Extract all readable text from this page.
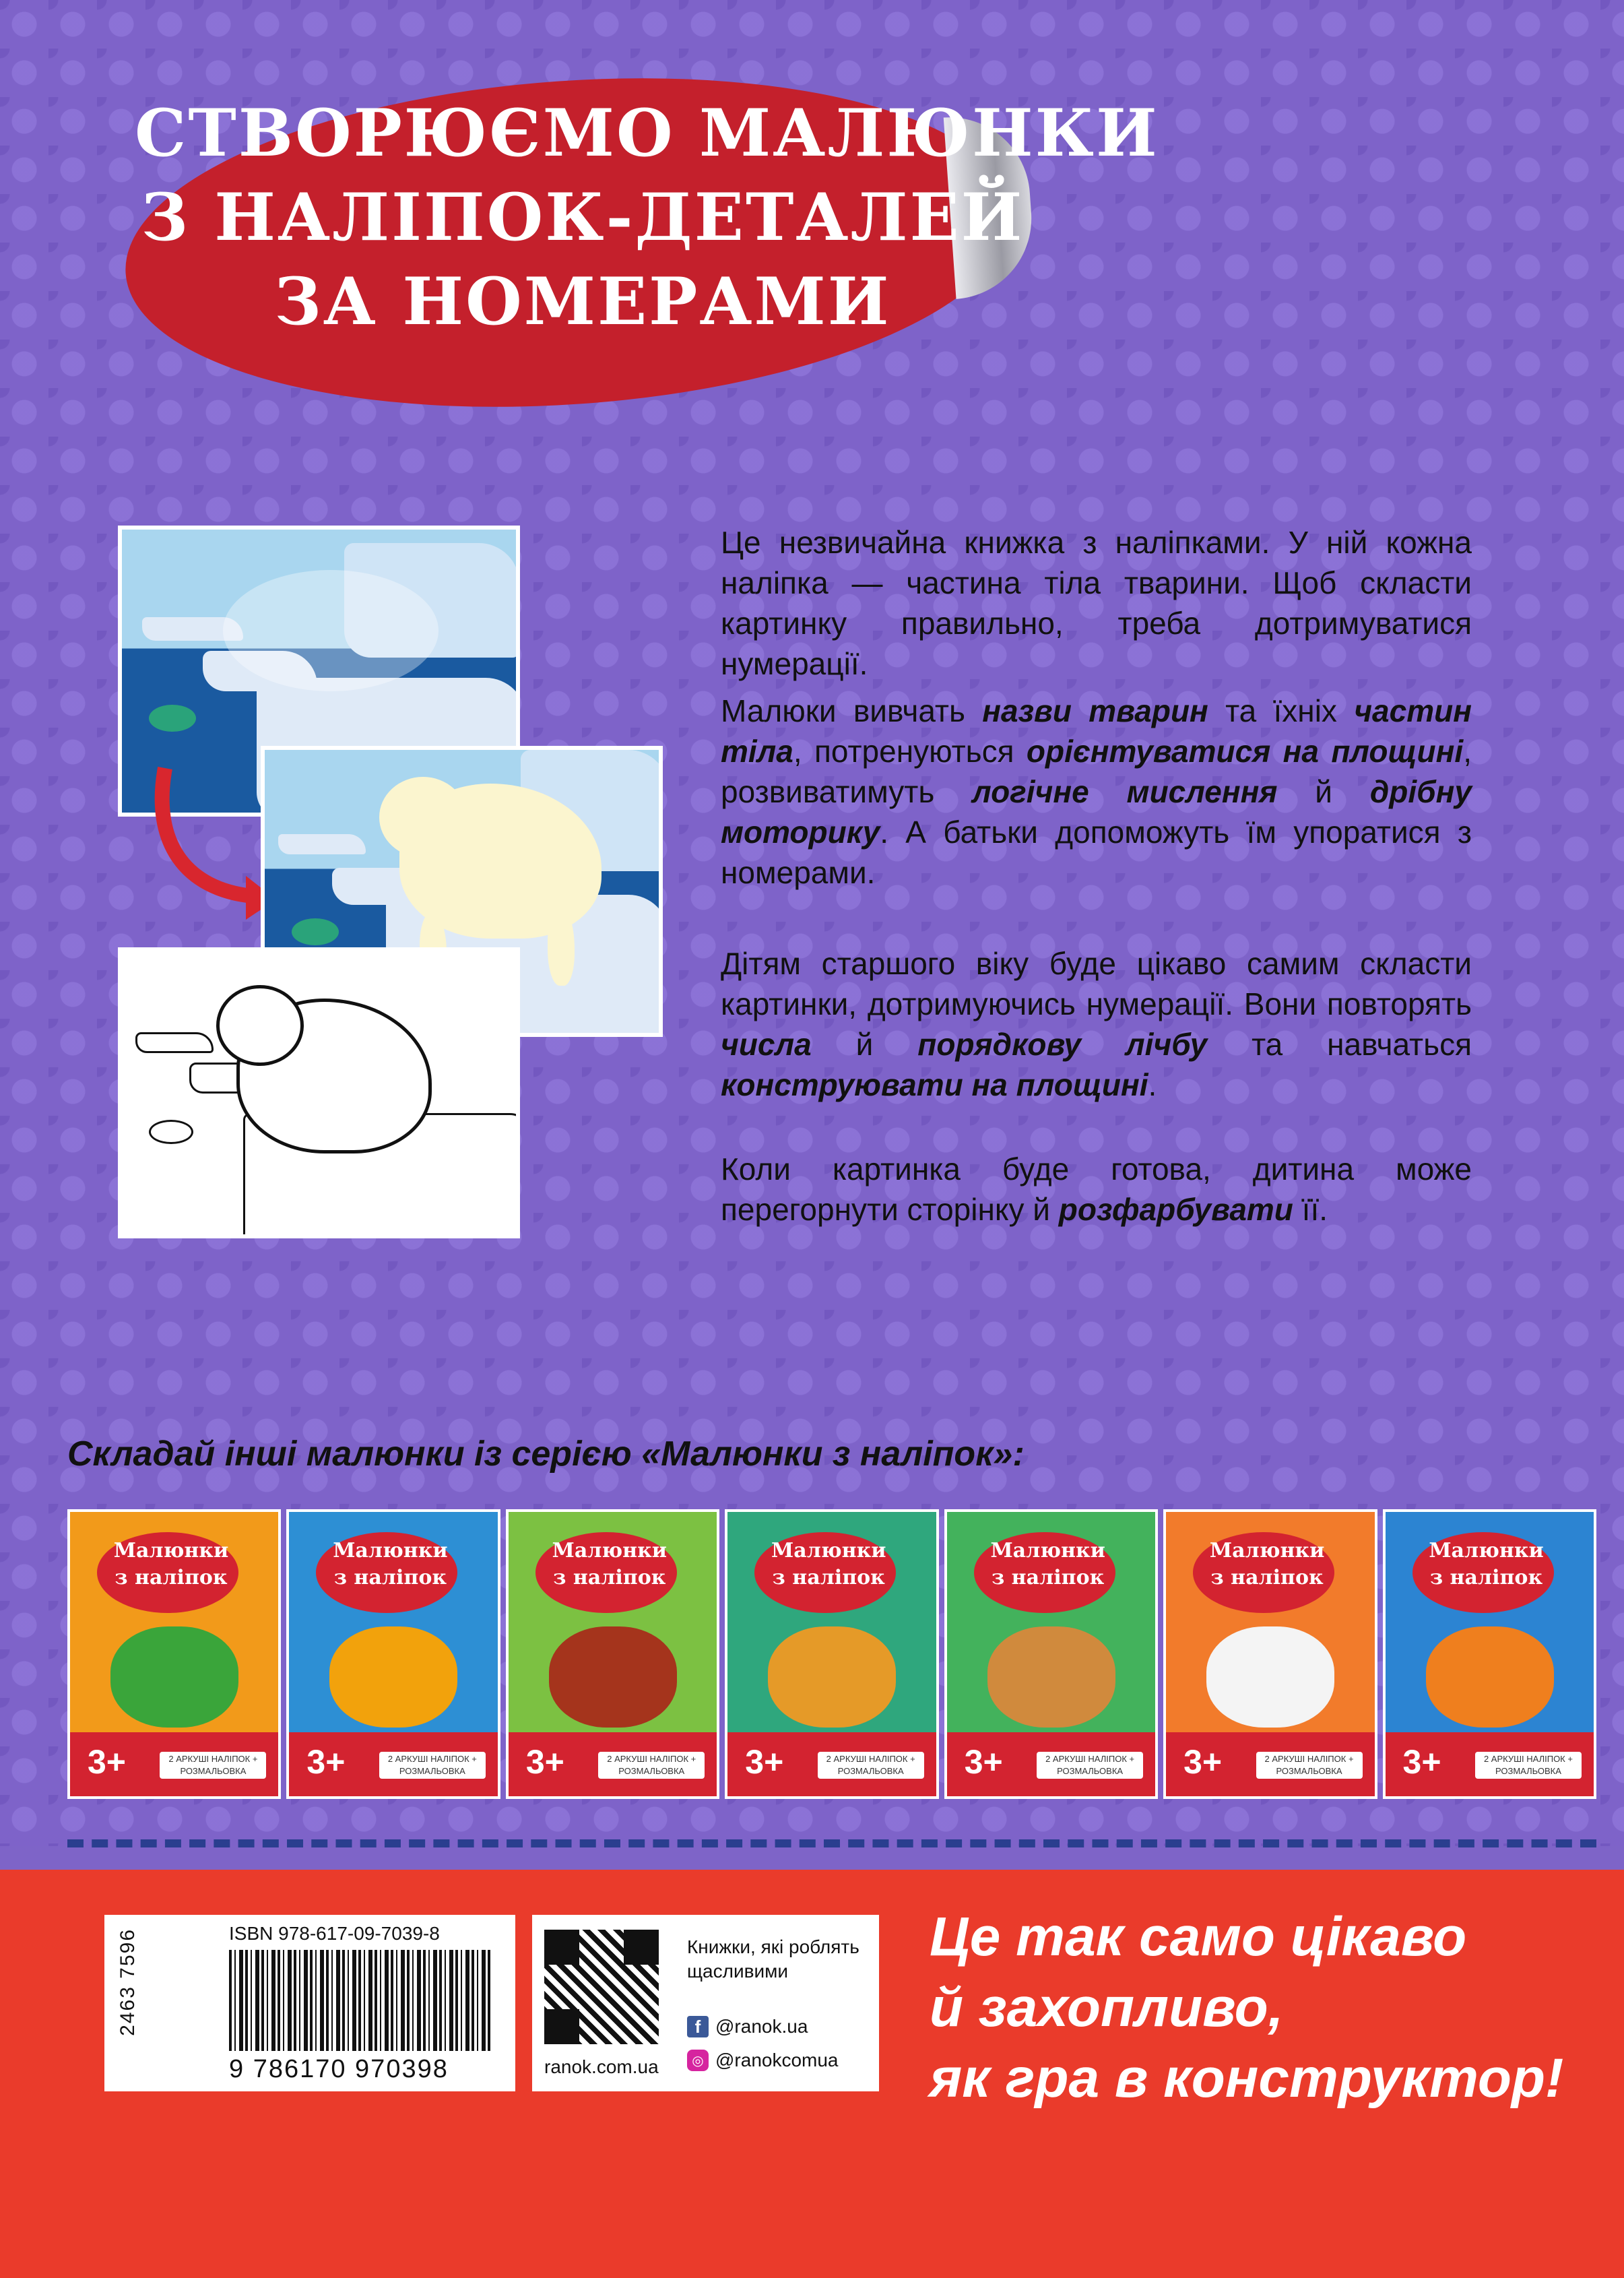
СТВОРЮЄМО МАЛЮНКИ
З НАЛІПОК-ДЕТАЛЕЙ
ЗА НОМЕРАМИ

Це незвичайна книжка з наліпками. У ній кожна наліпка — частина тіла тварини. Щоб скласти картинку правильно, треба дотримуватися нумерації.

Малюки вивчать назви тварин та їхніх частин тіла, потренуються орієнтуватися на площині, розвиватимуть логічне мислення й дрібну моторику. А батьки допоможуть їм упоратися з номерами.

Дітям старшого віку буде цікаво самим скласти картинки, дотримуючись нумерації. Вони повторять числа й порядкову лічбу та навчаться конструювати на площині.

Коли картинка буде готова, дитина може перегорнути сторінку й розфарбувати її.

Складай інші малюнки із серією «Малюнки з наліпок»:
Малюнки
з наліпок
3+	2 АРКУШІ НАЛІПОК + РОЗМАЛЬОВКА
Малюнки
з наліпок
3+	2 АРКУШІ НАЛІПОК + РОЗМАЛЬОВКА
Малюнки
з наліпок
3+	2 АРКУШІ НАЛІПОК + РОЗМАЛЬОВКА
Малюнки
з наліпок
3+	2 АРКУШІ НАЛІПОК + РОЗМАЛЬОВКА
Малюнки
з наліпок
3+	2 АРКУШІ НАЛІПОК + РОЗМАЛЬОВКА
Малюнки
з наліпок
3+	2 АРКУШІ НАЛІПОК + РОЗМАЛЬОВКА
Малюнки
з наліпок
3+	2 АРКУШІ НАЛІПОК + РОЗМАЛЬОВКА
2463 7596	ISBN 978-617-09-7039-8
9 786170 970398	ranok.com.ua
Книжки, які роблять щасливими
f @ranok.ua
◎ @ranokcomua
Це так само цікаво
й захопливо,
як гра в конструктор!
